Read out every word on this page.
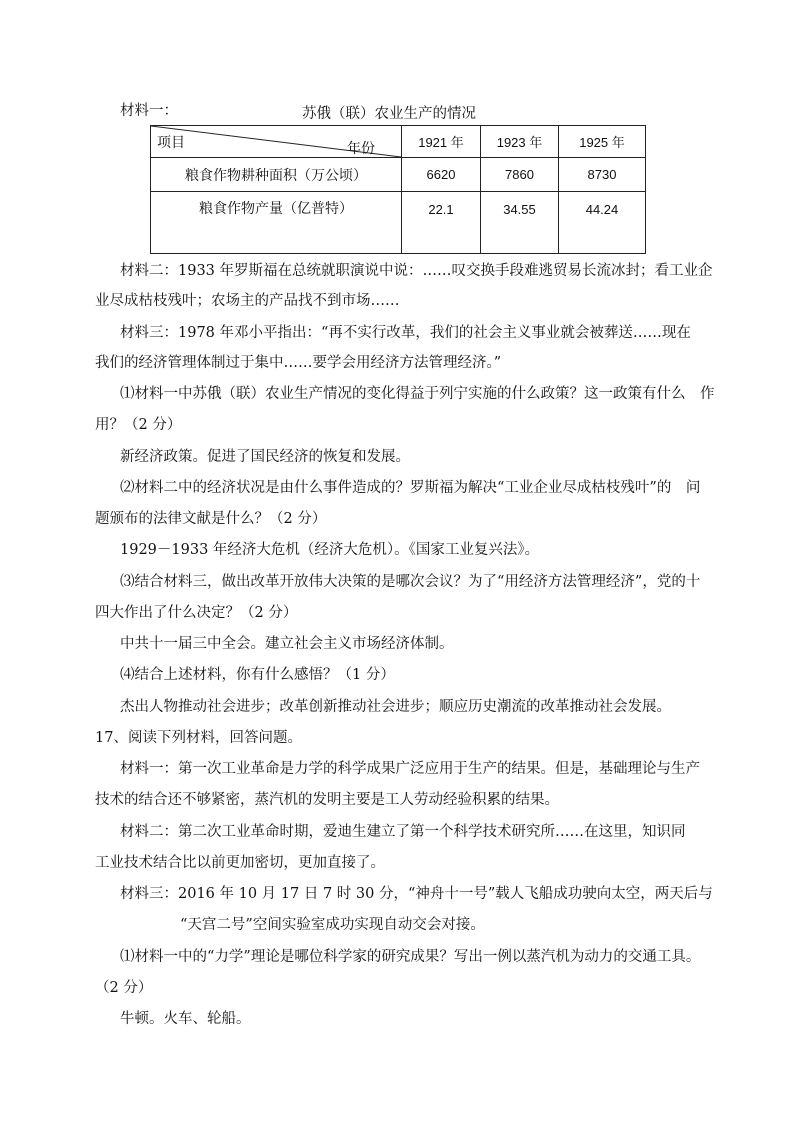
材料一：	苏俄（联）农业生产的情况
项目 年份	1921 年	1923 年	1925 年
粮食作物耕种面积（万公顷）	6620	7860	8730
粮食作物产量（亿普特）	22.1	34.55	44.24
材料二：1933 年罗斯福在总统就职演说中说：……叹交换手段难逃贸易长流冰封；看工业企
业尽成枯枝残叶；农场主的产品找不到市场……
材料三：1978 年邓小平指出：“再不实行改革，我们的社会主义事业就会被葬送……现在
我们的经济管理体制过于集中……要学会用经济方法管理经济。”
⑴材料一中苏俄（联）农业生产情况的变化得益于列宁实施的什么政策？这一政策有什么　作
用？（2 分）
新经济政策。促进了国民经济的恢复和发展。
⑵材料二中的经济状况是由什么事件造成的？罗斯福为解决“工业企业尽成枯枝残叶”的　问
题颁布的法律文献是什么？（2 分）
1929－1933 年经济大危机（经济大危机）。《国家工业复兴法》。
⑶结合材料三，做出改革开放伟大决策的是哪次会议？为了“用经济方法管理经济”，党的十
四大作出了什么决定？（2 分）
中共十一届三中全会。建立社会主义市场经济体制。
⑷结合上述材料，你有什么感悟？（1 分）
杰出人物推动社会进步；改革创新推动社会进步；顺应历史潮流的改革推动社会发展。
17、阅读下列材料，回答问题。
材料一：第一次工业革命是力学的科学成果广泛应用于生产的结果。但是，基础理论与生产
技术的结合还不够紧密，蒸汽机的发明主要是工人劳动经验积累的结果。
材料二：第二次工业革命时期，爱迪生建立了第一个科学技术研究所……在这里，知识同
工业技术结合比以前更加密切，更加直接了。
材料三：2016 年 10 月 17 日 7 时 30 分，“神舟十一号”载人飞船成功驶向太空，两天后与
“天宫二号”空间实验室成功实现自动交会对接。
⑴材料一中的“力学”理论是哪位科学家的研究成果？写出一例以蒸汽机为动力的交通工具。
（2 分）
牛顿。火车、轮船。
